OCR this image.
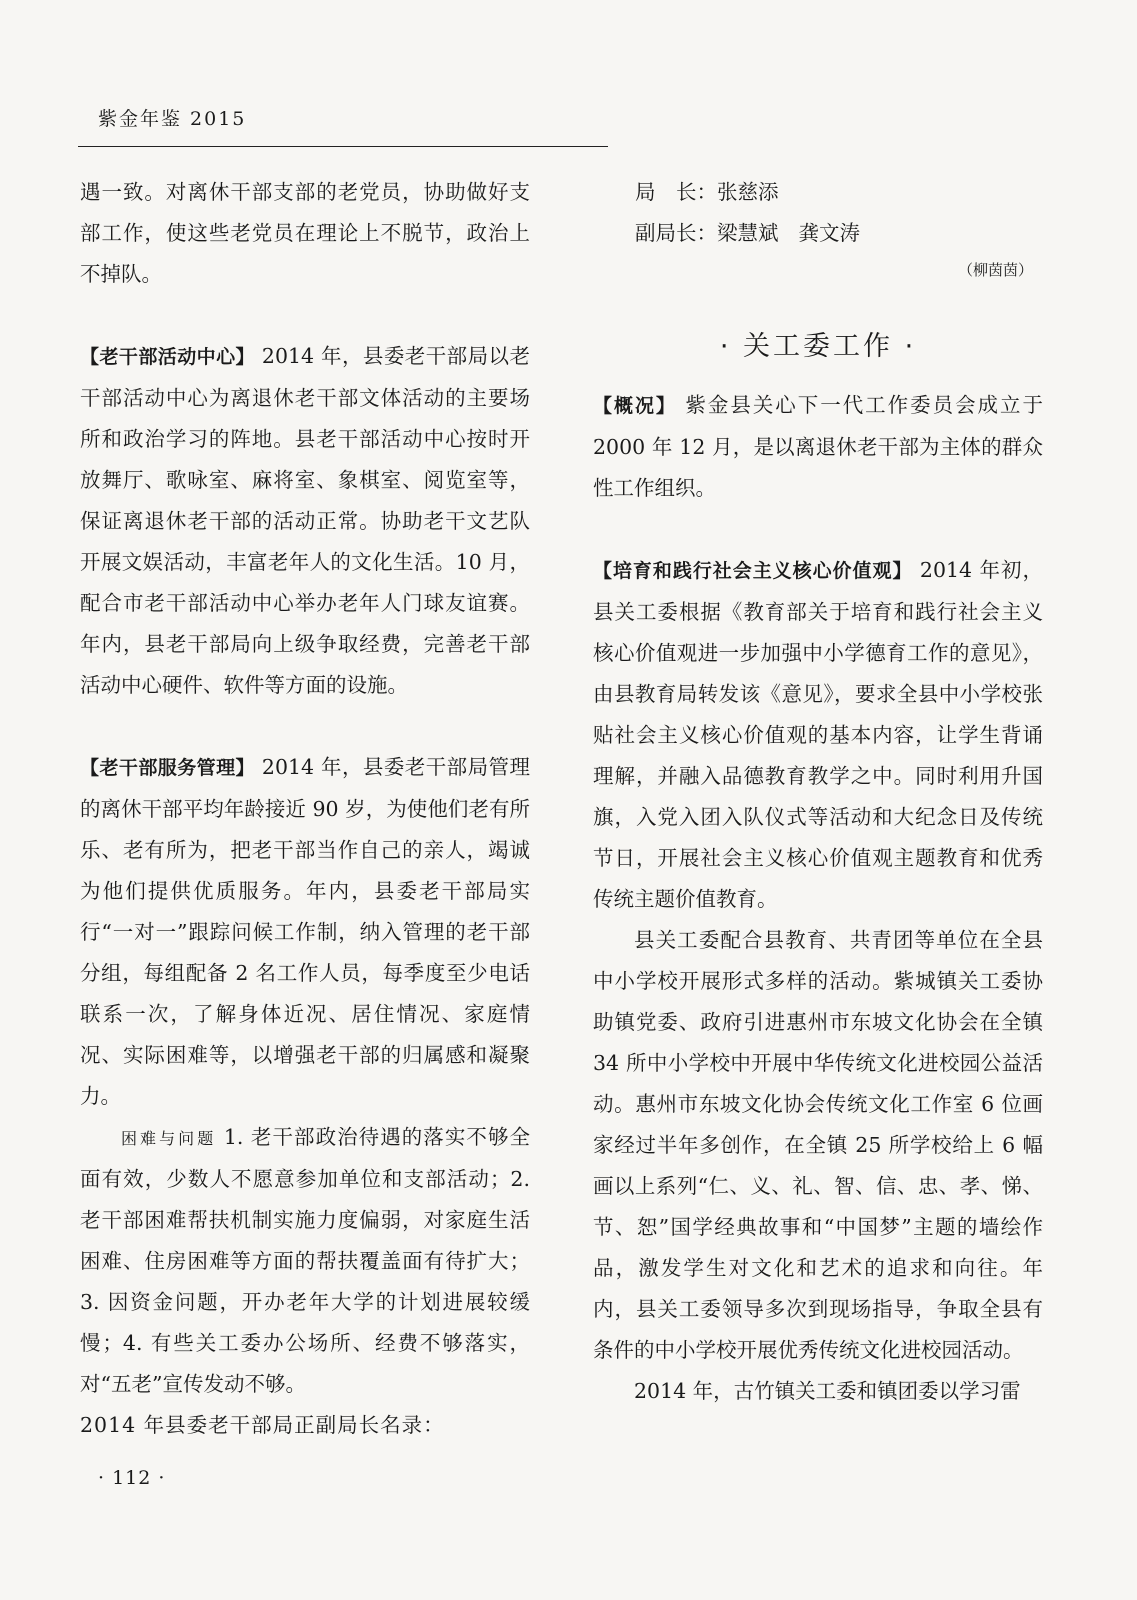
紫金年鉴 2015

遇一致。对离休干部支部的老党员，协助做好支部工作，使这些老党员在理论上不脱节，政治上不掉队。

【老干部活动中心】 2014 年，县委老干部局以老干部活动中心为离退休老干部文体活动的主要场所和政治学习的阵地。县老干部活动中心按时开放舞厅、歌咏室、麻将室、象棋室、阅览室等，保证离退休老干部的活动正常。协助老干文艺队开展文娱活动，丰富老年人的文化生活。10 月，配合市老干部活动中心举办老年人门球友谊赛。年内，县老干部局向上级争取经费，完善老干部活动中心硬件、软件等方面的设施。

【老干部服务管理】 2014 年，县委老干部局管理的离休干部平均年龄接近 90 岁，为使他们老有所乐、老有所为，把老干部当作自己的亲人，竭诚为他们提供优质服务。年内，县委老干部局实行“一对一”跟踪问候工作制，纳入管理的老干部分组，每组配备 2 名工作人员，每季度至少电话联系一次，了解身体近况、居住情况、家庭情况、实际困难等，以增强老干部的归属感和凝聚力。

困难与问题 1. 老干部政治待遇的落实不够全面有效，少数人不愿意参加单位和支部活动；2. 老干部困难帮扶机制实施力度偏弱，对家庭生活困难、住房困难等方面的帮扶覆盖面有待扩大；3. 因资金问题，开办老年大学的计划进展较缓慢；4. 有些关工委办公场所、经费不够落实，对“五老”宣传发动不够。

2014 年县委老干部局正副局长名录：
局　长：张慈添
副局长：梁慧斌 龚文涛
（柳茵茵）
· 关工委工作 ·

【概况】 紫金县关心下一代工作委员会成立于 2000 年 12 月，是以离退休老干部为主体的群众性工作组织。

【培育和践行社会主义核心价值观】 2014 年初，县关工委根据《教育部关于培育和践行社会主义核心价值观进一步加强中小学德育工作的意见》，由县教育局转发该《意见》，要求全县中小学校张贴社会主义核心价值观的基本内容，让学生背诵理解，并融入品德教育教学之中。同时利用升国旗，入党入团入队仪式等活动和大纪念日及传统节日，开展社会主义核心价值观主题教育和优秀传统主题价值教育。

县关工委配合县教育、共青团等单位在全县中小学校开展形式多样的活动。紫城镇关工委协助镇党委、政府引进惠州市东坡文化协会在全镇 34 所中小学校中开展中华传统文化进校园公益活动。惠州市东坡文化协会传统文化工作室 6 位画家经过半年多创作，在全镇 25 所学校给上 6 幅画以上系列“仁、义、礼、智、信、忠、孝、悌、节、恕”国学经典故事和“中国梦”主题的墙绘作品，激发学生对文化和艺术的追求和向往。年内，县关工委领导多次到现场指导，争取全县有条件的中小学校开展优秀传统文化进校园活动。

2014 年，古竹镇关工委和镇团委以学习雷

· 112 ·
